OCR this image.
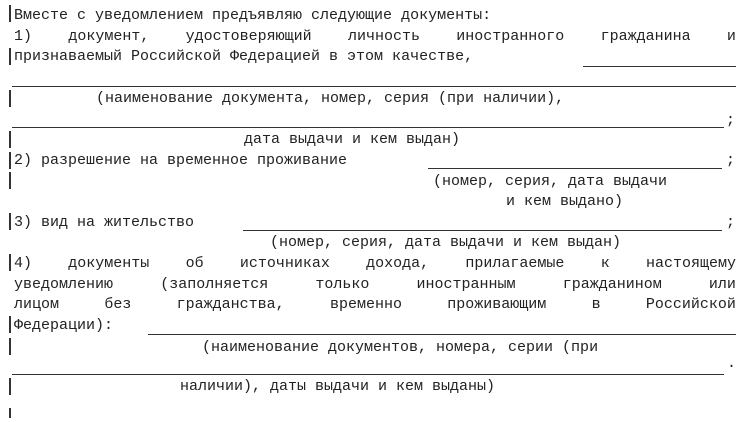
Вместе с уведомлением предъявляю следующие документы:
1) документ, удостоверяющий личность иностранного гражданина и
признаваемый Российской Федерацией в этом качестве,
(наименование документа, номер, серия (при наличии),
;
дата выдачи и кем выдан)
2) разрешение на временное проживание	;
(номер, серия, дата выдачи
и кем выдано)
3) вид на жительство	;
(номер, серия, дата выдачи и кем выдан)
4) документы об источниках дохода, прилагаемые к настоящему
уведомлению	(заполняется	только	иностранным	гражданином	или
лицом	без	гражданства,	временно	проживающим	в	Российской
Федерации):
(наименование документов, номера, серии (при
.
наличии), даты выдачи и кем выданы)
